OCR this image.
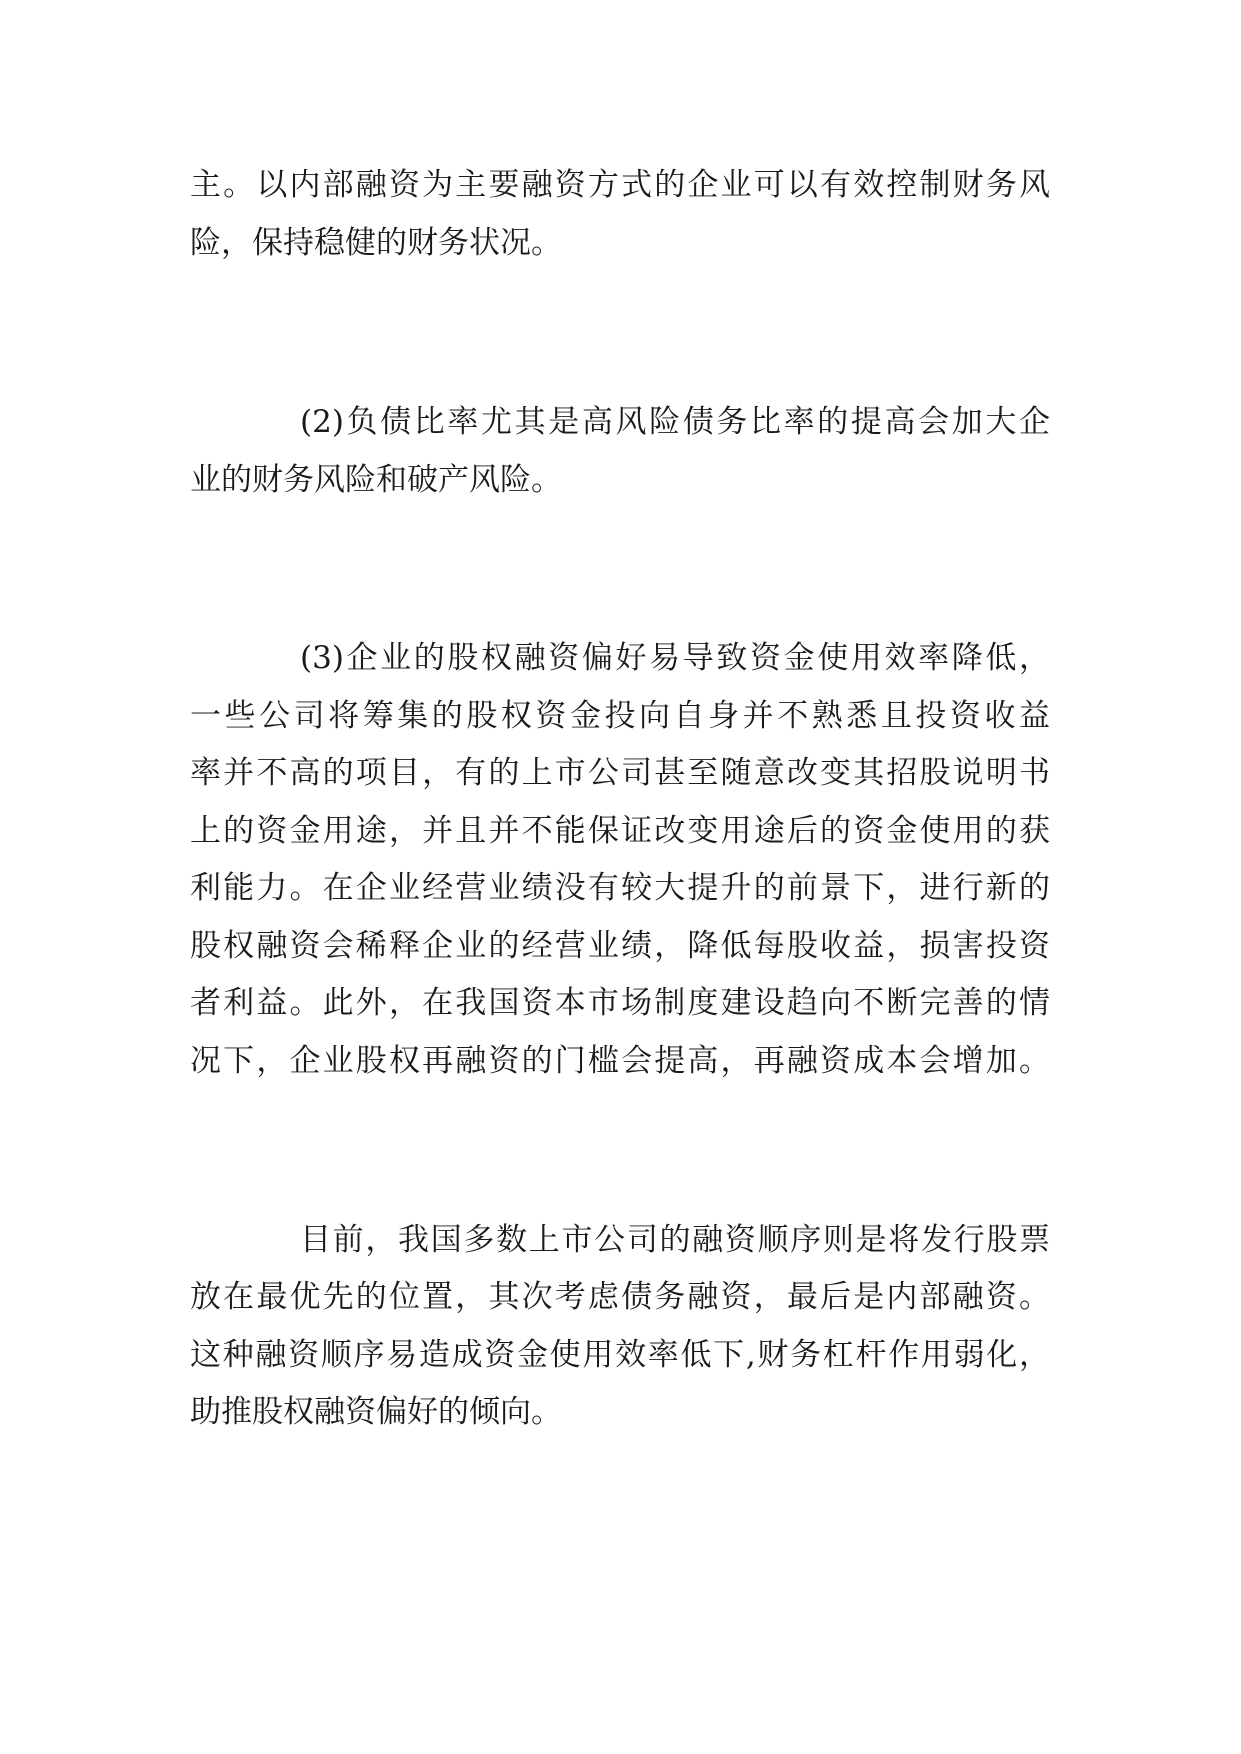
主。以内部融资为主要融资方式的企业可以有效控制财务风
险，保持稳健的财务状况。
(2)负债比率尤其是高风险债务比率的提高会加大企
业的财务风险和破产风险。
(3)企业的股权融资偏好易导致资金使用效率降低，
一些公司将筹集的股权资金投向自身并不熟悉且投资收益
率并不高的项目，有的上市公司甚至随意改变其招股说明书
上的资金用途，并且并不能保证改变用途后的资金使用的获
利能力。在企业经营业绩没有较大提升的前景下，进行新的
股权融资会稀释企业的经营业绩，降低每股收益，损害投资
者利益。此外，在我国资本市场制度建设趋向不断完善的情
况下，企业股权再融资的门槛会提高，再融资成本会增加。
目前，我国多数上市公司的融资顺序则是将发行股票
放在最优先的位置，其次考虑债务融资，最后是内部融资。
这种融资顺序易造成资金使用效率低下,财务杠杆作用弱化，
助推股权融资偏好的倾向。
